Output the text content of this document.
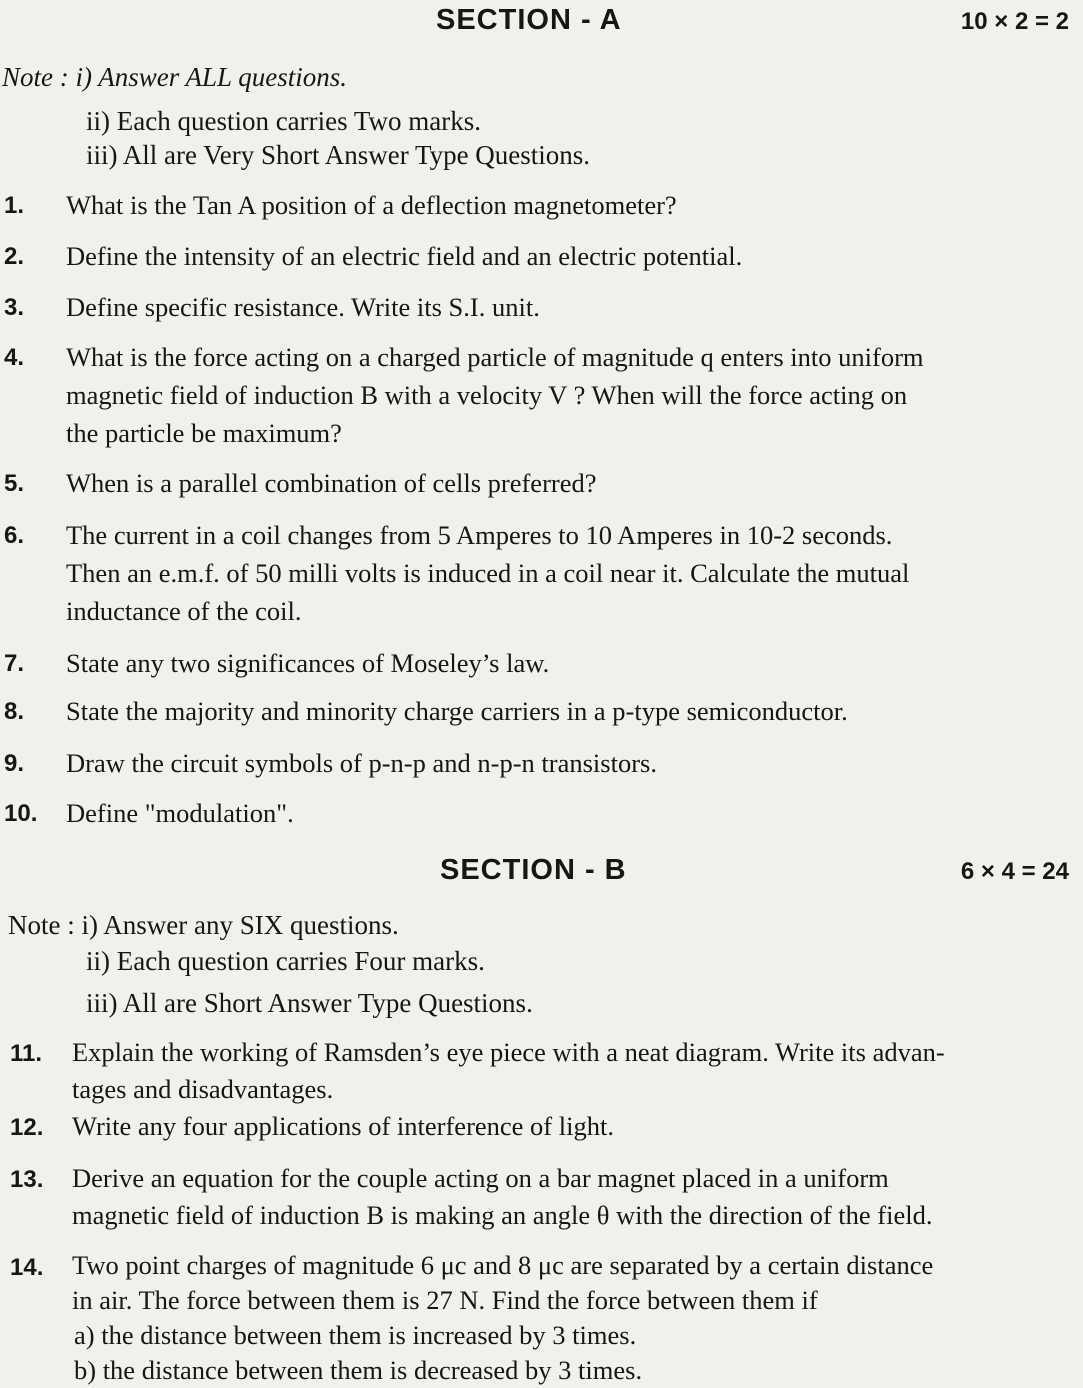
SECTION - A	10 × 2 = 2
Note : i) Answer ALL questions.
ii) Each question carries Two marks.
iii) All are Very Short Answer Type Questions.
1. What is the Tan A position of a deflection magnetometer?
2. Define the intensity of an electric field and an electric potential.
3. Define specific resistance. Write its S.I. unit.
4. What is the force acting on a charged particle of magnitude q enters into uniform
magnetic field of induction B with a velocity V ? When will the force acting on
the particle be maximum?
5. When is a parallel combination of cells preferred?
6. The current in a coil changes from 5 Amperes to 10 Amperes in 10-2 seconds.
Then an e.m.f. of 50 milli volts is induced in a coil near it. Calculate the mutual
inductance of the coil.
7. State any two significances of Moseley’s law.
8. State the majority and minority charge carriers in a p-type semiconductor.
9. Draw the circuit symbols of p-n-p and n-p-n transistors.
10. Define "modulation".
SECTION - B	6 × 4 = 24
Note : i) Answer any SIX questions.
ii) Each question carries Four marks.
iii) All are Short Answer Type Questions.
11. Explain the working of Ramsden’s eye piece with a neat diagram. Write its advan-
tages and disadvantages.
12. Write any four applications of interference of light.
13. Derive an equation for the couple acting on a bar magnet placed in a uniform
magnetic field of induction B is making an angle θ with the direction of the field.
14. Two point charges of magnitude 6 μc and 8 μc are separated by a certain distance
in air. The force between them is 27 N. Find the force between them if
a) the distance between them is increased by 3 times.
b) the distance between them is decreased by 3 times.
